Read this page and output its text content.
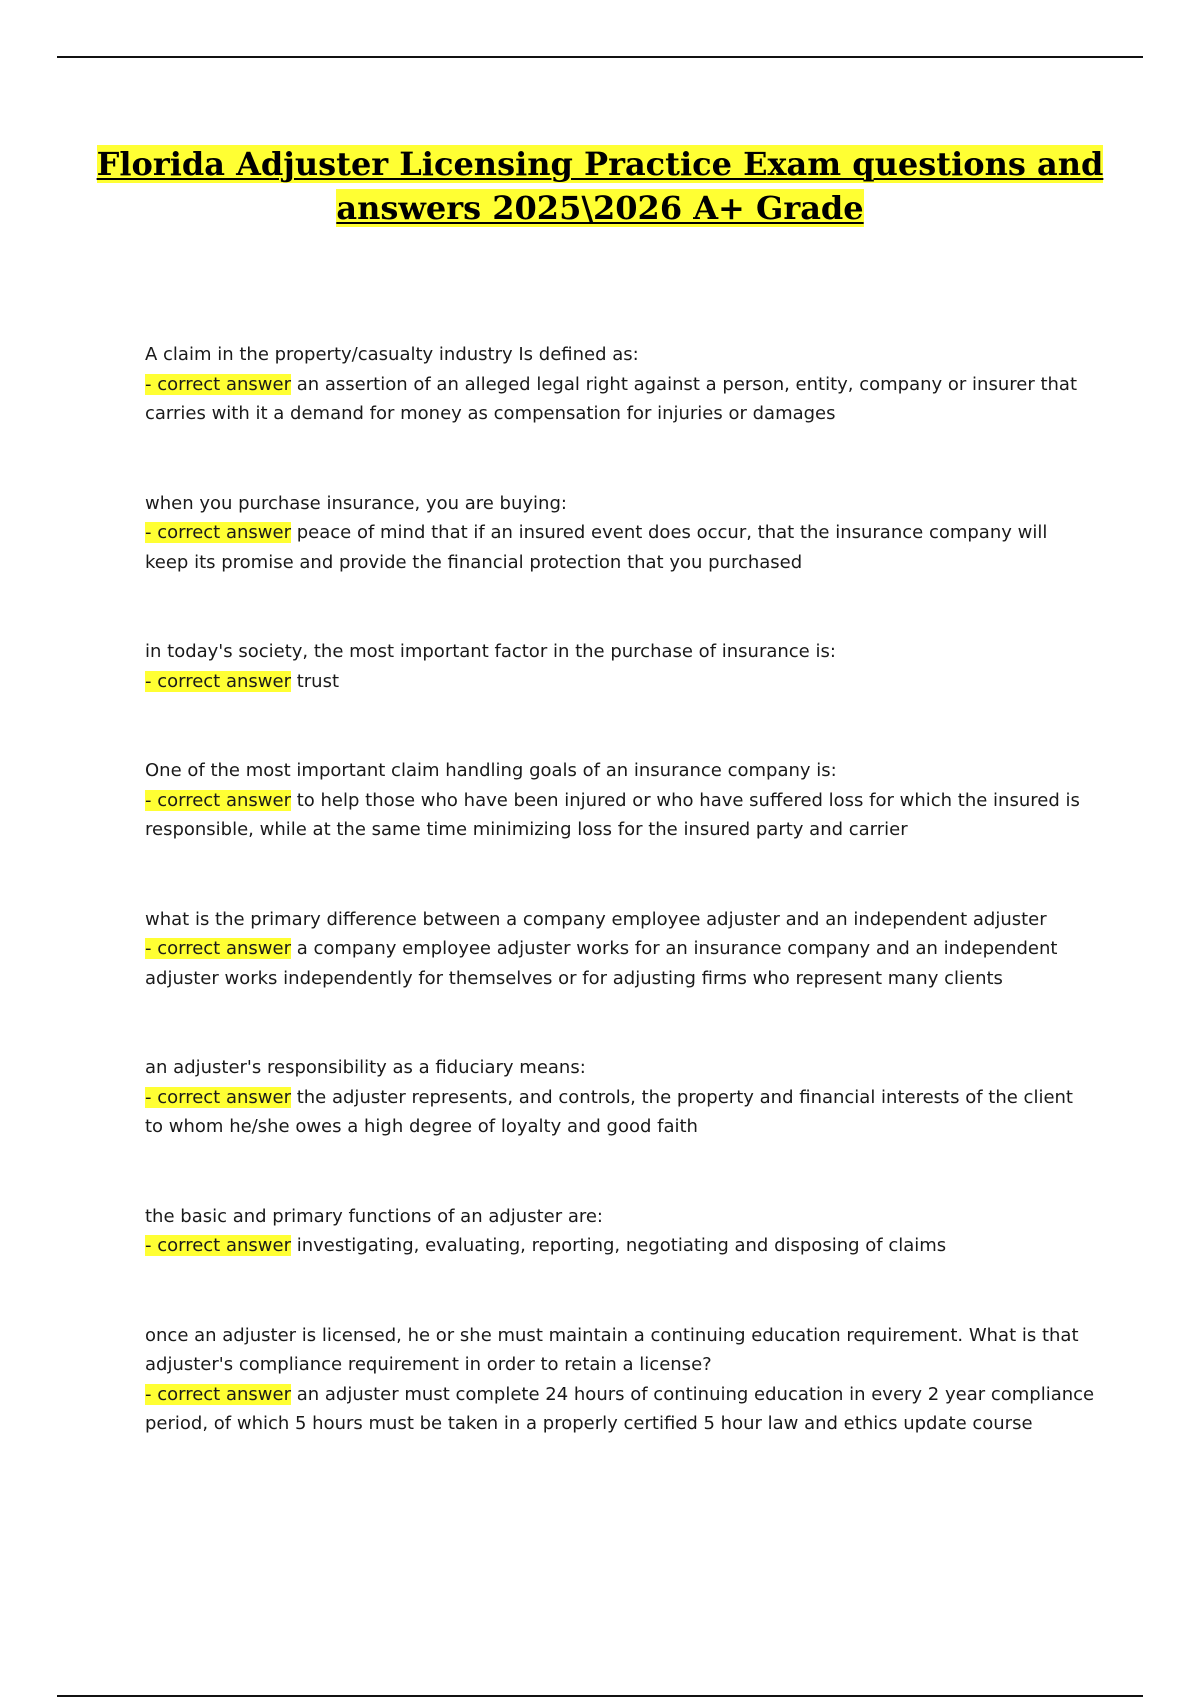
Florida Adjuster Licensing Practice Exam questions and
answers 2025\2026 A+ Grade
A claim in the property/casualty industry Is defined as:
- correct answer an assertion of an alleged legal right against a person, entity, company or insurer that carries with it a demand for money as compensation for injuries or damages
when you purchase insurance, you are buying:
- correct answer peace of mind that if an insured event does occur, that the insurance company will keep its promise and provide the financial protection that you purchased
in today's society, the most important factor in the purchase of insurance is:
- correct answer trust
One of the most important claim handling goals of an insurance company is:
- correct answer to help those who have been injured or who have suffered loss for which the insured is responsible, while at the same time minimizing loss for the insured party and carrier
what is the primary difference between a company employee adjuster and an independent adjuster
- correct answer a company employee adjuster works for an insurance company and an independent adjuster works independently for themselves or for adjusting firms who represent many clients
an adjuster's responsibility as a fiduciary means:
- correct answer the adjuster represents, and controls, the property and financial interests of the client to whom he/she owes a high degree of loyalty and good faith
the basic and primary functions of an adjuster are:
- correct answer investigating, evaluating, reporting, negotiating and disposing of claims
once an adjuster is licensed, he or she must maintain a continuing education requirement. What is that adjuster's compliance requirement in order to retain a license?
- correct answer an adjuster must complete 24 hours of continuing education in every 2 year compliance period, of which 5 hours must be taken in a properly certified 5 hour law and ethics update course
